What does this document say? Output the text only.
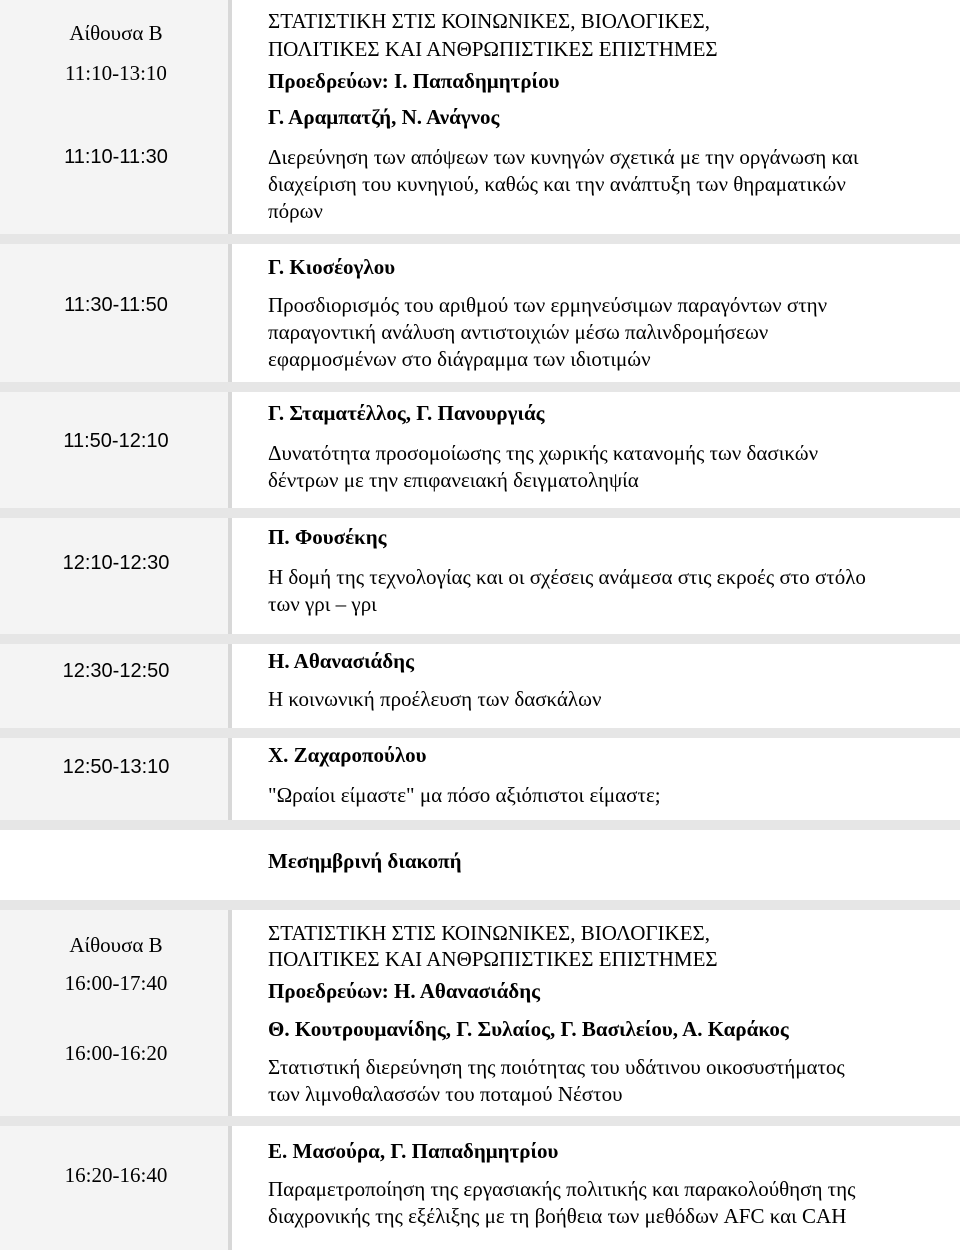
Αίθουσα Β
11:10-13:10
ΣΤΑΤΙΣΤΙΚΗ ΣΤΙΣ ΚΟΙΝΩΝΙΚΕΣ, ΒΙΟΛΟΓΙΚΕΣ,
ΠΟΛΙΤΙΚΕΣ ΚΑΙ ΑΝΘΡΩΠΙΣΤΙΚΕΣ ΕΠΙΣΤΗΜΕΣ
Προεδρεύων: Ι. Παπαδημητρίου
11:10-11:30
Γ. Αραμπατζή, Ν. Ανάγνος
Διερεύνηση των απόψεων των κυνηγών σχετικά με την οργάνωση και
διαχείριση του κυνηγιού, καθώς και την ανάπτυξη των θηραματικών
πόρων
11:30-11:50
Γ. Κιοσέογλου
Προσδιορισμός του αριθμού των ερμηνεύσιμων παραγόντων στην
παραγοντική ανάλυση αντιστοιχιών μέσω παλινδρομήσεων
εφαρμοσμένων στο διάγραμμα των ιδιοτιμών
11:50-12:10
Γ. Σταματέλλος, Γ. Πανουργιάς
Δυνατότητα προσομοίωσης της χωρικής κατανομής των δασικών
δέντρων με την επιφανειακή δειγματοληψία
12:10-12:30
Π. Φουσέκης
Η δομή της τεχνολογίας και οι σχέσεις ανάμεσα στις εκροές στο στόλο
των γρι – γρι
12:30-12:50	Η. Αθανασιάδης
Η κοινωνική προέλευση των δασκάλων
12:50-13:10	Χ. Ζαχαροπούλου
"Ωραίοι είμαστε" μα πόσο αξιόπιστοι είμαστε;
Μεσημβρινή διακοπή
Αίθουσα Β
16:00-17:40
ΣΤΑΤΙΣΤΙΚΗ ΣΤΙΣ ΚΟΙΝΩΝΙΚΕΣ, ΒΙΟΛΟΓΙΚΕΣ,
ΠΟΛΙΤΙΚΕΣ ΚΑΙ ΑΝΘΡΩΠΙΣΤΙΚΕΣ ΕΠΙΣΤΗΜΕΣ
Προεδρεύων: Η. Αθανασιάδης
16:00-16:20
Θ. Κουτρουμανίδης, Γ. Συλαίος, Γ. Βασιλείου, Α. Καράκος
Στατιστική διερεύνηση της ποιότητας του υδάτινου οικοσυστήματος
των λιμνοθαλασσών του ποταμού Νέστου
16:20-16:40
Ε. Μασούρα, Γ. Παπαδημητρίου
Παραμετροποίηση της εργασιακής πολιτικής και παρακολούθηση της
διαχρονικής της εξέλιξης με τη βοήθεια των μεθόδων AFC και CAH
